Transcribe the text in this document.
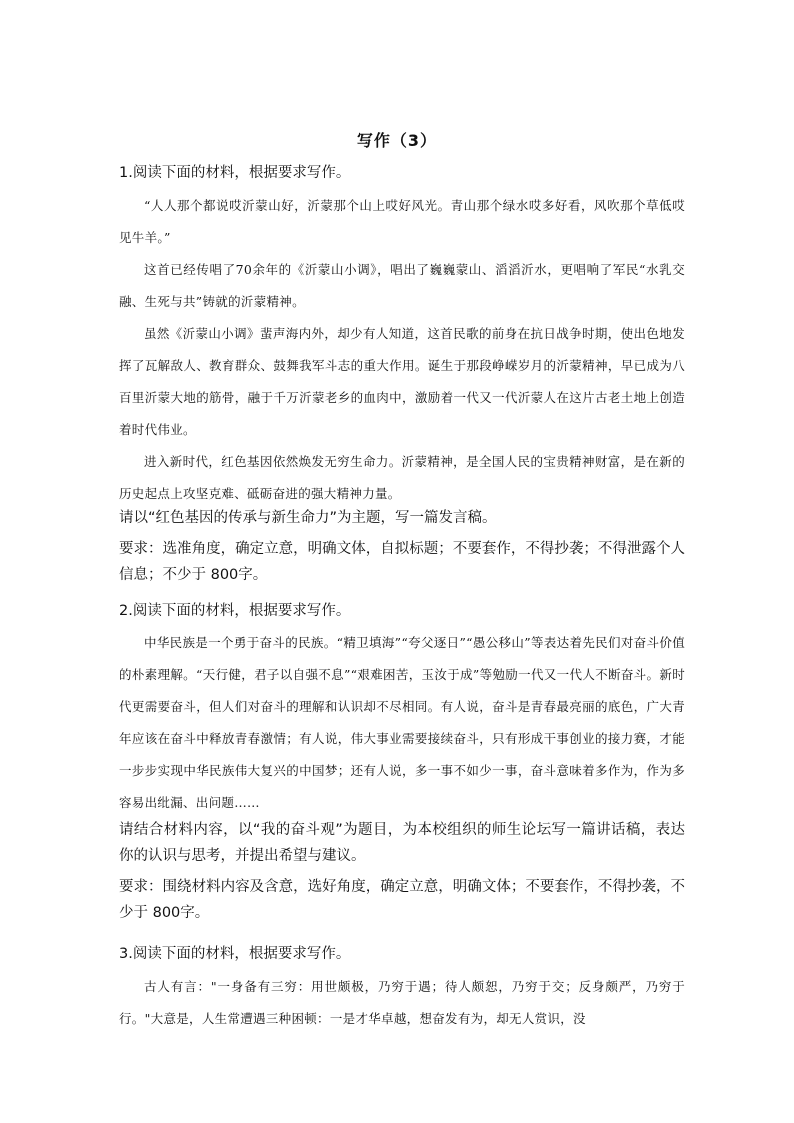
写作（3）

1.阅读下面的材料，根据要求写作。

“人人那个都说哎沂蒙山好，沂蒙那个山上哎好风光。青山那个绿水哎多好看，风吹那个草低哎见牛羊。”

这首已经传唱了70余年的《沂蒙山小调》，唱出了巍巍蒙山、滔滔沂水，更唱响了军民“水乳交融、生死与共”铸就的沂蒙精神。

虽然《沂蒙山小调》蜚声海内外，却少有人知道，这首民歌的前身在抗日战争时期，使出色地发挥了瓦解敌人、教育群众、鼓舞我军斗志的重大作用。诞生于那段峥嵘岁月的沂蒙精神，早已成为八百里沂蒙大地的筋骨，融于千万沂蒙老乡的血肉中，激励着一代又一代沂蒙人在这片古老土地上创造着时代伟业。

进入新时代，红色基因依然焕发无穷生命力。沂蒙精神，是全国人民的宝贵精神财富，是在新的历史起点上攻坚克难、砥砺奋进的强大精神力量。

请以“红色基因的传承与新生命力”为主题，写一篇发言稿。

要求：选准角度，确定立意，明确文体，自拟标题；不要套作，不得抄袭；不得泄露个人信息；不少于 800字。

2.阅读下面的材料，根据要求写作。

中华民族是一个勇于奋斗的民族。“精卫填海”“夸父逐日”“愚公移山”等表达着先民们对奋斗价值的朴素理解。“天行健，君子以自强不息”“艰难困苦，玉汝于成”等勉励一代又一代人不断奋斗。新时代更需要奋斗，但人们对奋斗的理解和认识却不尽相同。有人说，奋斗是青春最亮丽的底色，广大青年应该在奋斗中释放青春激情；有人说，伟大事业需要接续奋斗，只有形成干事创业的接力赛，才能一步步实现中华民族伟大复兴的中国梦；还有人说，多一事不如少一事，奋斗意味着多作为，作为多容易出纰漏、出问题……

请结合材料内容，以“我的奋斗观”为题目，为本校组织的师生论坛写一篇讲话稿，表达你的认识与思考，并提出希望与建议。

要求：围绕材料内容及含意，选好角度，确定立意，明确文体；不要套作，不得抄袭，不少于 800字。

3.阅读下面的材料，根据要求写作。

古人有言："一身备有三穷：用世颇极，乃穷于遇；待人颇恕，乃穷于交；反身颇严，乃穷于行。"大意是，人生常遭遇三种困顿：一是才华卓越，想奋发有为，却无人赏识，没
